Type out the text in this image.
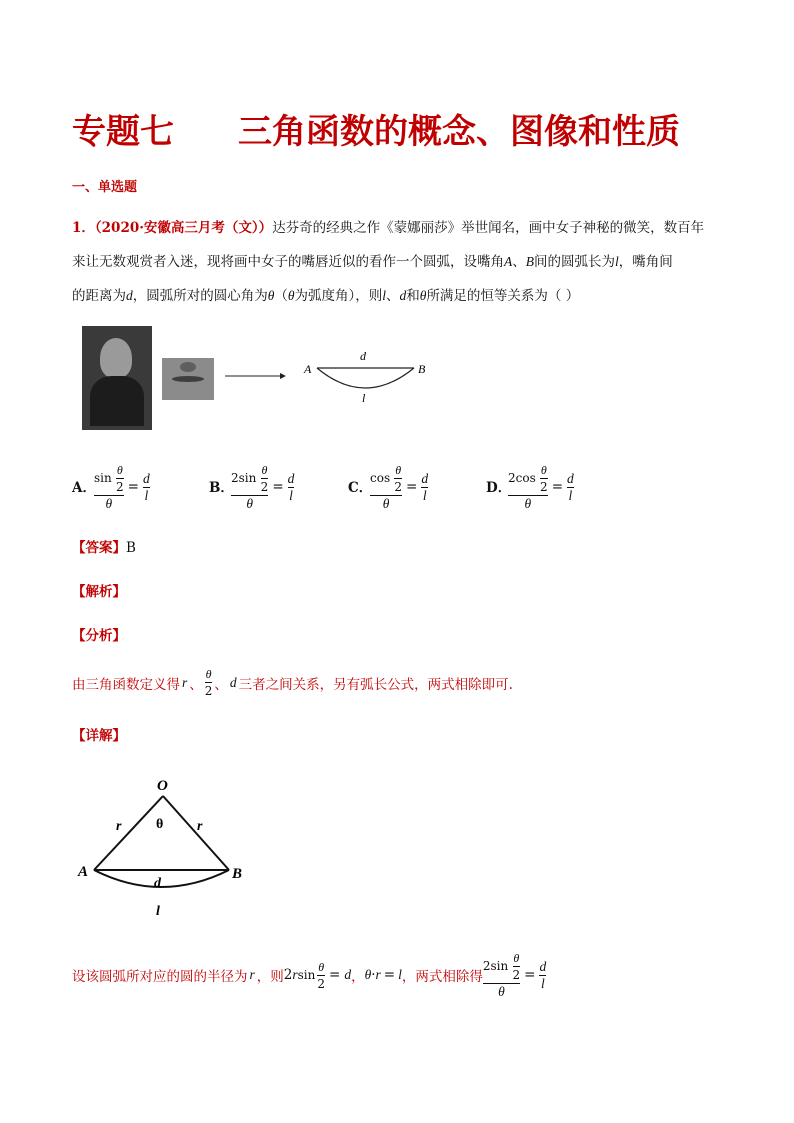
专题七 三角函数的概念、图像和性质
一、单选题
1．（2020·安徽高三月考（文））达芬奇的经典之作《蒙娜丽莎》举世闻名，画中女子神秘的微笑，数百年
来让无数观赏者入迷，现将画中女子的嘴唇近似的看作一个圆弧，设嘴角A、B间的圆弧长为l，嘴角间
的距离为d，圆弧所对的圆心角为θ（θ为弧度角），则l、d和θ所满足的恒等关系为（ ）
A	B
d
l
A．
$\frac{\sin \frac{\theta}{2}}{\theta} = \frac{d}{l}$	B．
$\frac{2\sin \frac{\theta}{2}}{\theta} = \frac{d}{l}$	C．
$\frac{\cos \frac{\theta}{2}}{\theta} = \frac{d}{l}$	D．
$\frac{2\cos \frac{\theta}{2}}{\theta} = \frac{d}{l}$
【答案】B
【解析】
【分析】
由三角函数定义得 r 、 $\frac{\theta}{2}$ 、 d 三者之间关系，另有弧长公式，两式相除即可.
【详解】
O
A	B
r	r
θ
d
l
设该圆弧所对应的圆的半径为 r ，则 2 r $\sin \frac{\theta}{2} = d$ ， θ·r = l ，两式相除得 $\frac{2\sin \frac{\theta}{2}}{\theta} = \frac{d}{l}$
